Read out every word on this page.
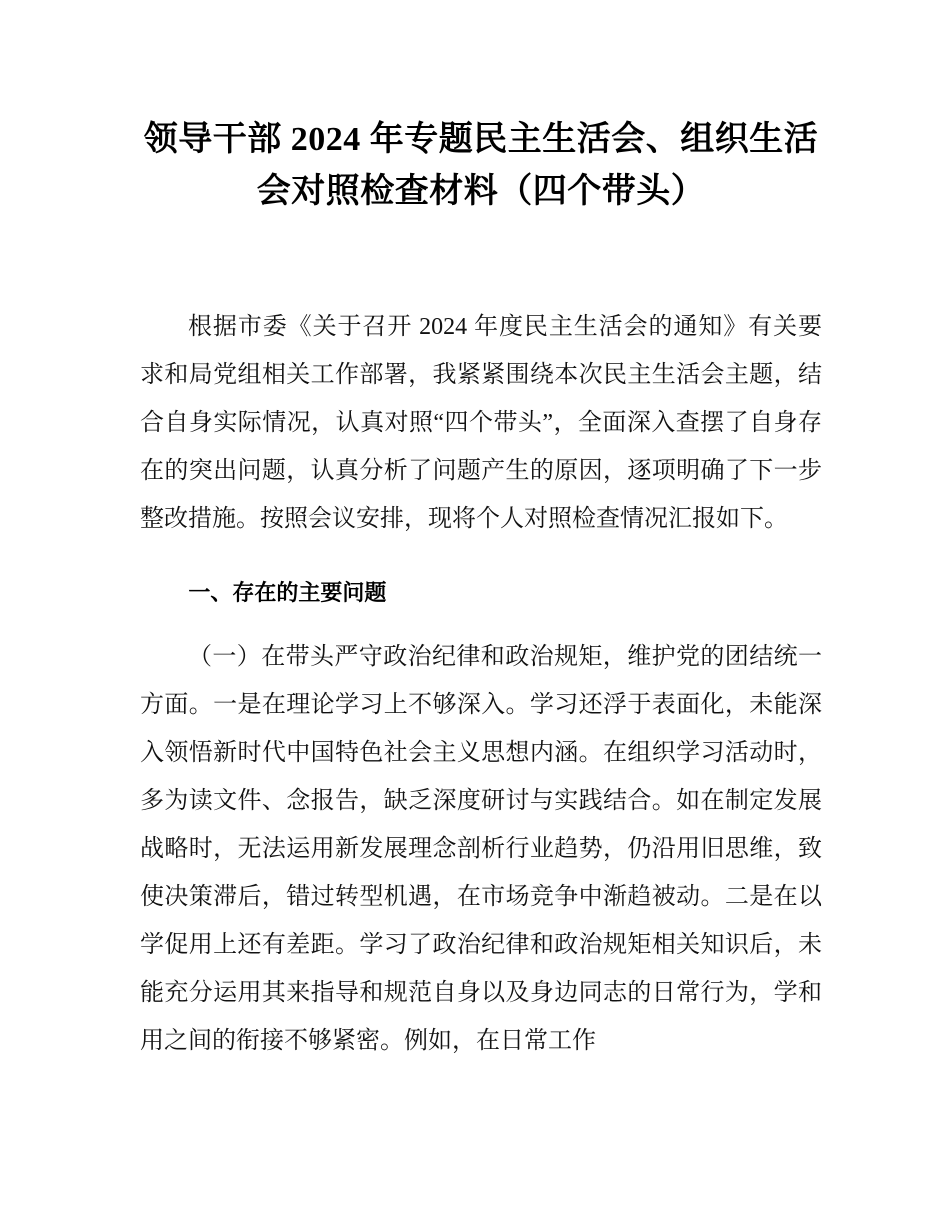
领导干部 2024 年专题民主生活会、组织生活
会对照检查材料（四个带头）

根据市委《关于召开 2024 年度民主生活会的通知》有关要求和局党组相关工作部署，我紧紧围绕本次民主生活会主题，结合自身实际情况，认真对照“四个带头”，全面深入查摆了自身存在的突出问题，认真分析了问题产生的原因，逐项明确了下一步整改措施。按照会议安排，现将个人对照检查情况汇报如下。

一、存在的主要问题

（一）在带头严守政治纪律和政治规矩，维护党的团结统一方面。一是在理论学习上不够深入。学习还浮于表面化，未能深入领悟新时代中国特色社会主义思想内涵。在组织学习活动时，多为读文件、念报告，缺乏深度研讨与实践结合。如在制定发展战略时，无法运用新发展理念剖析行业趋势，仍沿用旧思维，致使决策滞后，错过转型机遇，在市场竞争中渐趋被动。二是在以学促用上还有差距。学习了政治纪律和政治规矩相关知识后，未能充分运用其来指导和规范自身以及身边同志的日常行为，学和用之间的衔接不够紧密。例如，在日常工作
